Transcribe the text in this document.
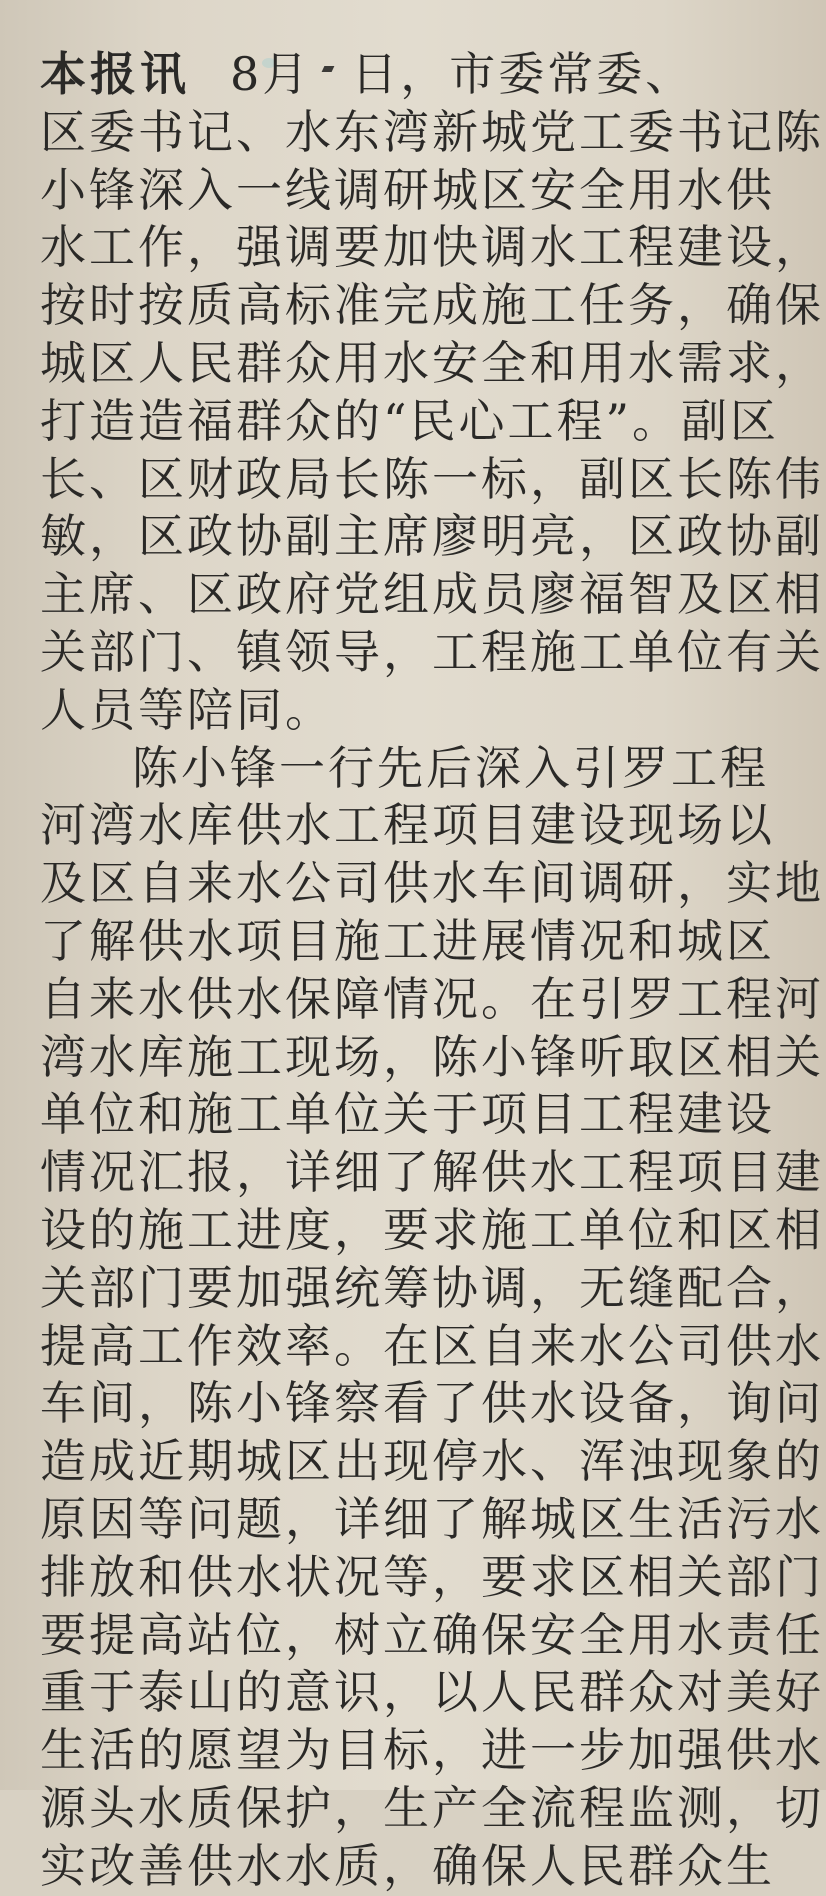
本报讯 8月 日，市委常委、
区委书记、水东湾新城党工委书记陈
小锋深入一线调研城区安全用水供
水工作，强调要加快调水工程建设，
按时按质高标准完成施工任务，确保
城区人民群众用水安全和用水需求，
打造造福群众的“民心工程”。副区
长、区财政局长陈一标，副区长陈伟
敏，区政协副主席廖明亮，区政协副
主席、区政府党组成员廖福智及区相
关部门、镇领导，工程施工单位有关
人员等陪同。
陈小锋一行先后深入引罗工程
河湾水库供水工程项目建设现场以
及区自来水公司供水车间调研，实地
了解供水项目施工进展情况和城区
自来水供水保障情况。在引罗工程河
湾水库施工现场，陈小锋听取区相关
单位和施工单位关于项目工程建设
情况汇报，详细了解供水工程项目建
设的施工进度，要求施工单位和区相
关部门要加强统筹协调，无缝配合，
提高工作效率。在区自来水公司供水
车间，陈小锋察看了供水设备，询问
造成近期城区出现停水、浑浊现象的
原因等问题，详细了解城区生活污水
排放和供水状况等，要求区相关部门
要提高站位，树立确保安全用水责任
重于泰山的意识，以人民群众对美好
生活的愿望为目标，进一步加强供水
源头水质保护，生产全流程监测，切
实改善供水水质，确保人民群众生
